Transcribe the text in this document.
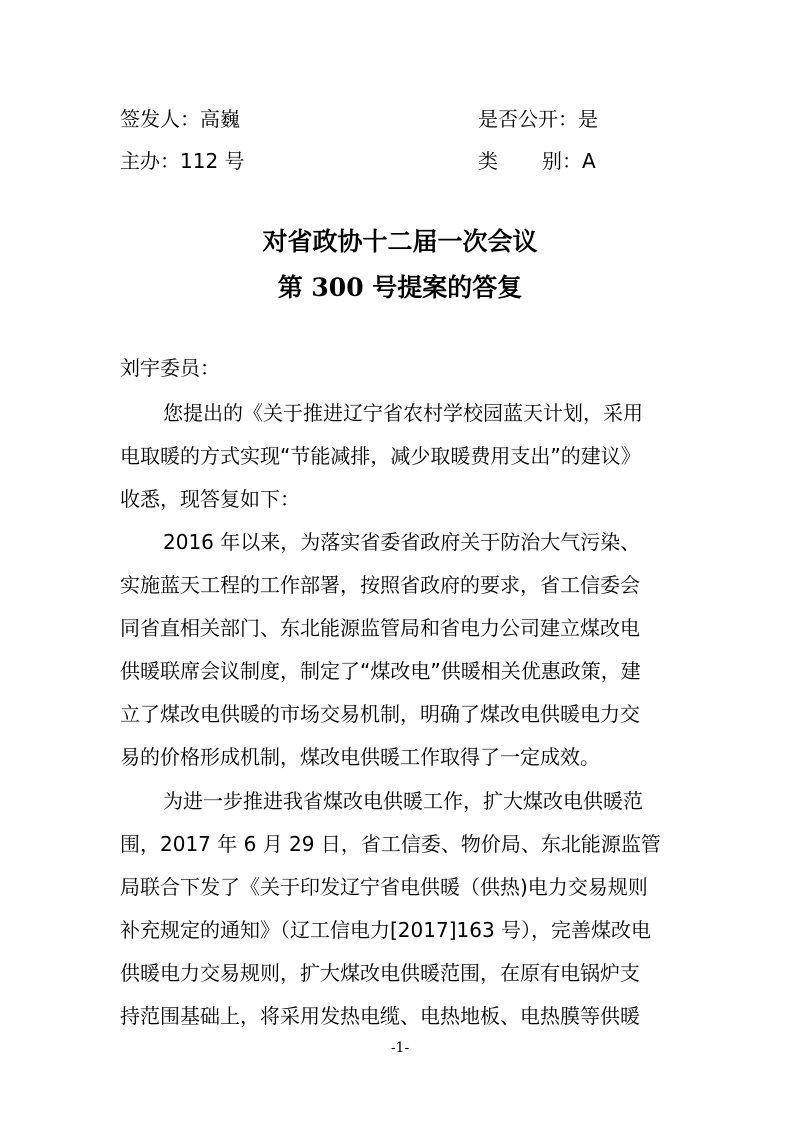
签发人：高巍	是否公开：是
主办：112 号	类 别：A
对省政协十二届一次会议
第 300 号提案的答复
刘宇委员：
您提出的《关于推进辽宁省农村学校园蓝天计划，采用
电取暖的方式实现“节能减排，减少取暖费用支出”的建议》
收悉，现答复如下：
2016 年以来，为落实省委省政府关于防治大气污染、
实施蓝天工程的工作部署，按照省政府的要求，省工信委会
同省直相关部门、东北能源监管局和省电力公司建立煤改电
供暖联席会议制度，制定了“煤改电”供暖相关优惠政策，建
立了煤改电供暖的市场交易机制，明确了煤改电供暖电力交
易的价格形成机制，煤改电供暖工作取得了一定成效。
为进一步推进我省煤改电供暖工作，扩大煤改电供暖范
围，2017 年 6 月 29 日，省工信委、物价局、东北能源监管
局联合下发了《关于印发辽宁省电供暖（供热)电力交易规则
补充规定的通知》（辽工信电力[2017]163 号），完善煤改电
供暖电力交易规则，扩大煤改电供暖范围，在原有电锅炉支
持范围基础上，将采用发热电缆、电热地板、电热膜等供暖
-1-
